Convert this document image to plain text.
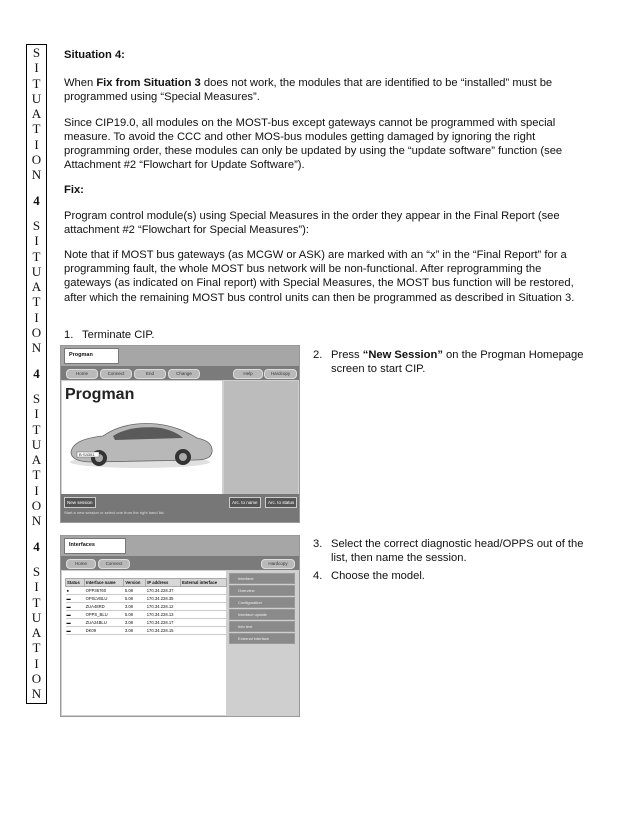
S
I
T
U
A
T
I
O
N
4
S
I
T
U
A
T
I
O
N
4
S
I
T
U
A
T
I
O
N
4
S
I
T
U
A
T
I
O
N

Situation 4:

When Fix from Situation 3 does not work, the modules that are identified to be “installed” must be programmed using “Special Measures”.

Since CIP19.0, all modules on the MOST-bus except gateways cannot be programmed with special measure. To avoid the CCC and other MOS-bus modules getting damaged by ignoring the right programming order, these modules can only be updated by using the “update software” function (see Attachment #2 “Flowchart for Update Software”).

Fix:

Program control module(s) using Special Measures in the order they appear in the Final Report (see attachment #2 “Flowchart for Special Measures”):

Note that if MOST bus gateways (as MCGW or ASK) are marked with an “x” in the “Final Report” for a programming fault, the whole MOST bus network will be non-functional. After reprogramming the gateways (as indicated on Final report) with Special Measures, the MOST bus function will be restored, after which the remaining MOST bus control units can then be programmed as described in Situation 3.

1. Terminate CIP.
2. Press “New Session” on the Progman Homepage screen to start CIP.
3. Select the correct diagnostic head/OPPS out of the list, then name the session.
4. Choose the model.
Progman
Home	Connect	End	Change	Help	Hardcopy
Progman
B·S4351
New session	Arc. to name	Arc. to status
Start a new session or select one from the right hand list.
Interfaces
Home	Connect	Hardcopy
Status	Interface name	Version	IP address	External interface
●	OPP36760	5.08	170.34.228.37	
▬	OPSLVBLU	5.08	170.34.228.35	
▬	ZUA48RD	3.08	170.34.228.12	
▬	OPPS_BLU	5.08	170.34.228.13	
▬	ZUA24BLU	3.08	170.34.228.17	
▬	DK09	3.08	170.34.228.15	
Interface
Overview
Configuration
Interface update
Info text
External interface
